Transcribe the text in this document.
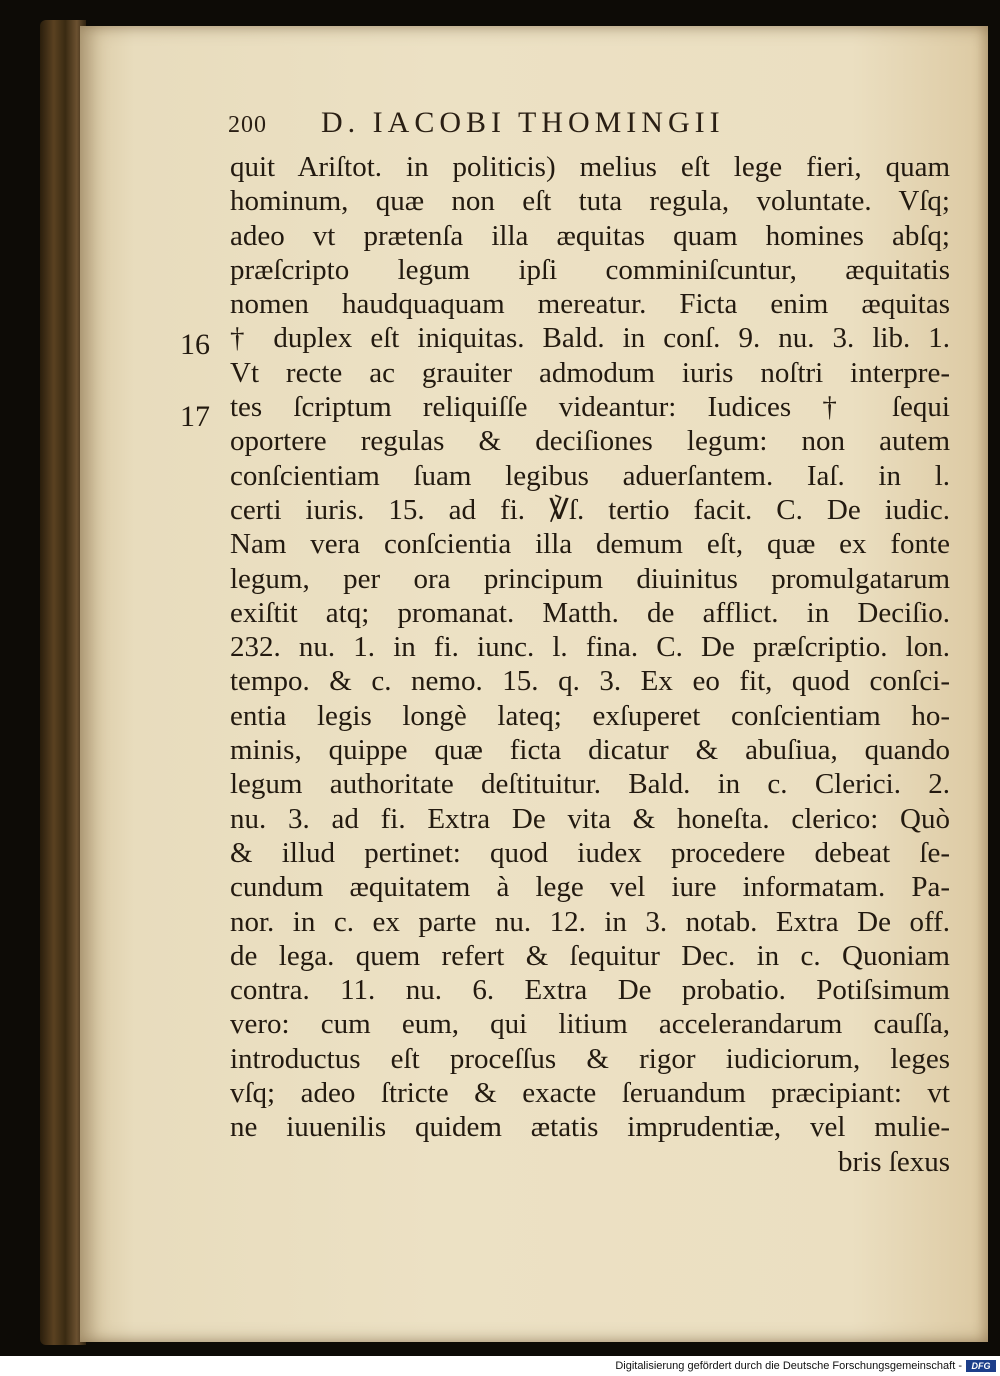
200 D. IACOBI THOMINGII
16
17
quit Ariſtot. in politicis) melius eſt lege fieri, quam
hominum, quæ non eſt tuta regula, voluntate. Vſq;
adeo vt prætenſa illa æquitas quam homines abſq;
præſcripto legum ipſi comminiſcuntur, æquitatis
nomen haudquaquam mereatur. Ficta enim æquitas
† duplex eſt iniquitas. Bald. in conſ. 9. nu. 3. lib. 1.
Vt recte ac grauiter admodum iuris noſtri interpre-
tes ſcriptum reliquiſſe videantur: Iudices † ſequi
oportere regulas & deciſiones legum: non autem
conſcientiam ſuam legibus aduerſantem. Iaſ. in l.
certi iuris. 15. ad fi. ℣ſ. tertio facit. C. De iudic.
Nam vera conſcientia illa demum eſt, quæ ex fonte
legum, per ora principum diuinitus promulgatarum
exiſtit atq; promanat. Matth. de afflict. in Deciſio.
232. nu. 1. in fi. iunc. l. fina. C. De præſcriptio. lon.
tempo. & c. nemo. 15. q. 3. Ex eo fit, quod conſci-
entia legis longè lateq; exſuperet conſcientiam ho-
minis, quippe quæ ficta dicatur & abuſiua, quando
legum authoritate deſtituitur. Bald. in c. Clerici. 2.
nu. 3. ad fi. Extra De vita & honeſta. clerico: Quò
& illud pertinet: quod iudex procedere debeat ſe-
cundum æquitatem à lege vel iure informatam. Pa-
nor. in c. ex parte nu. 12. in 3. notab. Extra De off.
de lega. quem refert & ſequitur Dec. in c. Quoniam
contra. 11. nu. 6. Extra De probatio. Potiſsimum
vero: cum eum, qui litium accelerandarum cauſſa,
introductus eſt proceſſus & rigor iudiciorum, leges
vſq; adeo ſtricte & exacte ſeruandum præcipiant: vt
ne iuuenilis quidem ætatis imprudentiæ, vel mulie-
bris ſexus
Digitalisierung gefördert durch die Deutsche Forschungsgemeinschaft -	DFG
